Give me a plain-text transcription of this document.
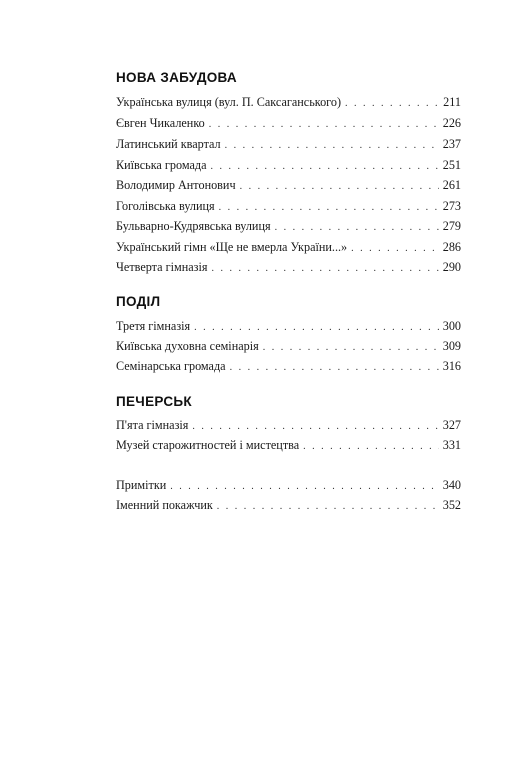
НОВА ЗАБУДОВА
Українська вулиця (вул. П. Саксаганського) . . .	211
Євген Чикаленко . . .	226
Латинський квартал . . .	237
Київська громада . . .	251
Володимир Антонович . . .	261
Гоголівська вулиця . . .	273
Бульварно-Кудрявська вулиця . . .	279
Український гімн «Ще не вмерла України...» . . .	286
Четверта гімназія . . .	290
ПОДІЛ
Третя гімназія . . .	300
Київська духовна семінарія . . .	309
Семінарська громада . . .	316
ПЕЧЕРСЬК
П'ята гімназія . . .	327
Музей старожитностей і мистецтва . . .	331
Примітки . . .	340
Іменний покажчик . . .	352
